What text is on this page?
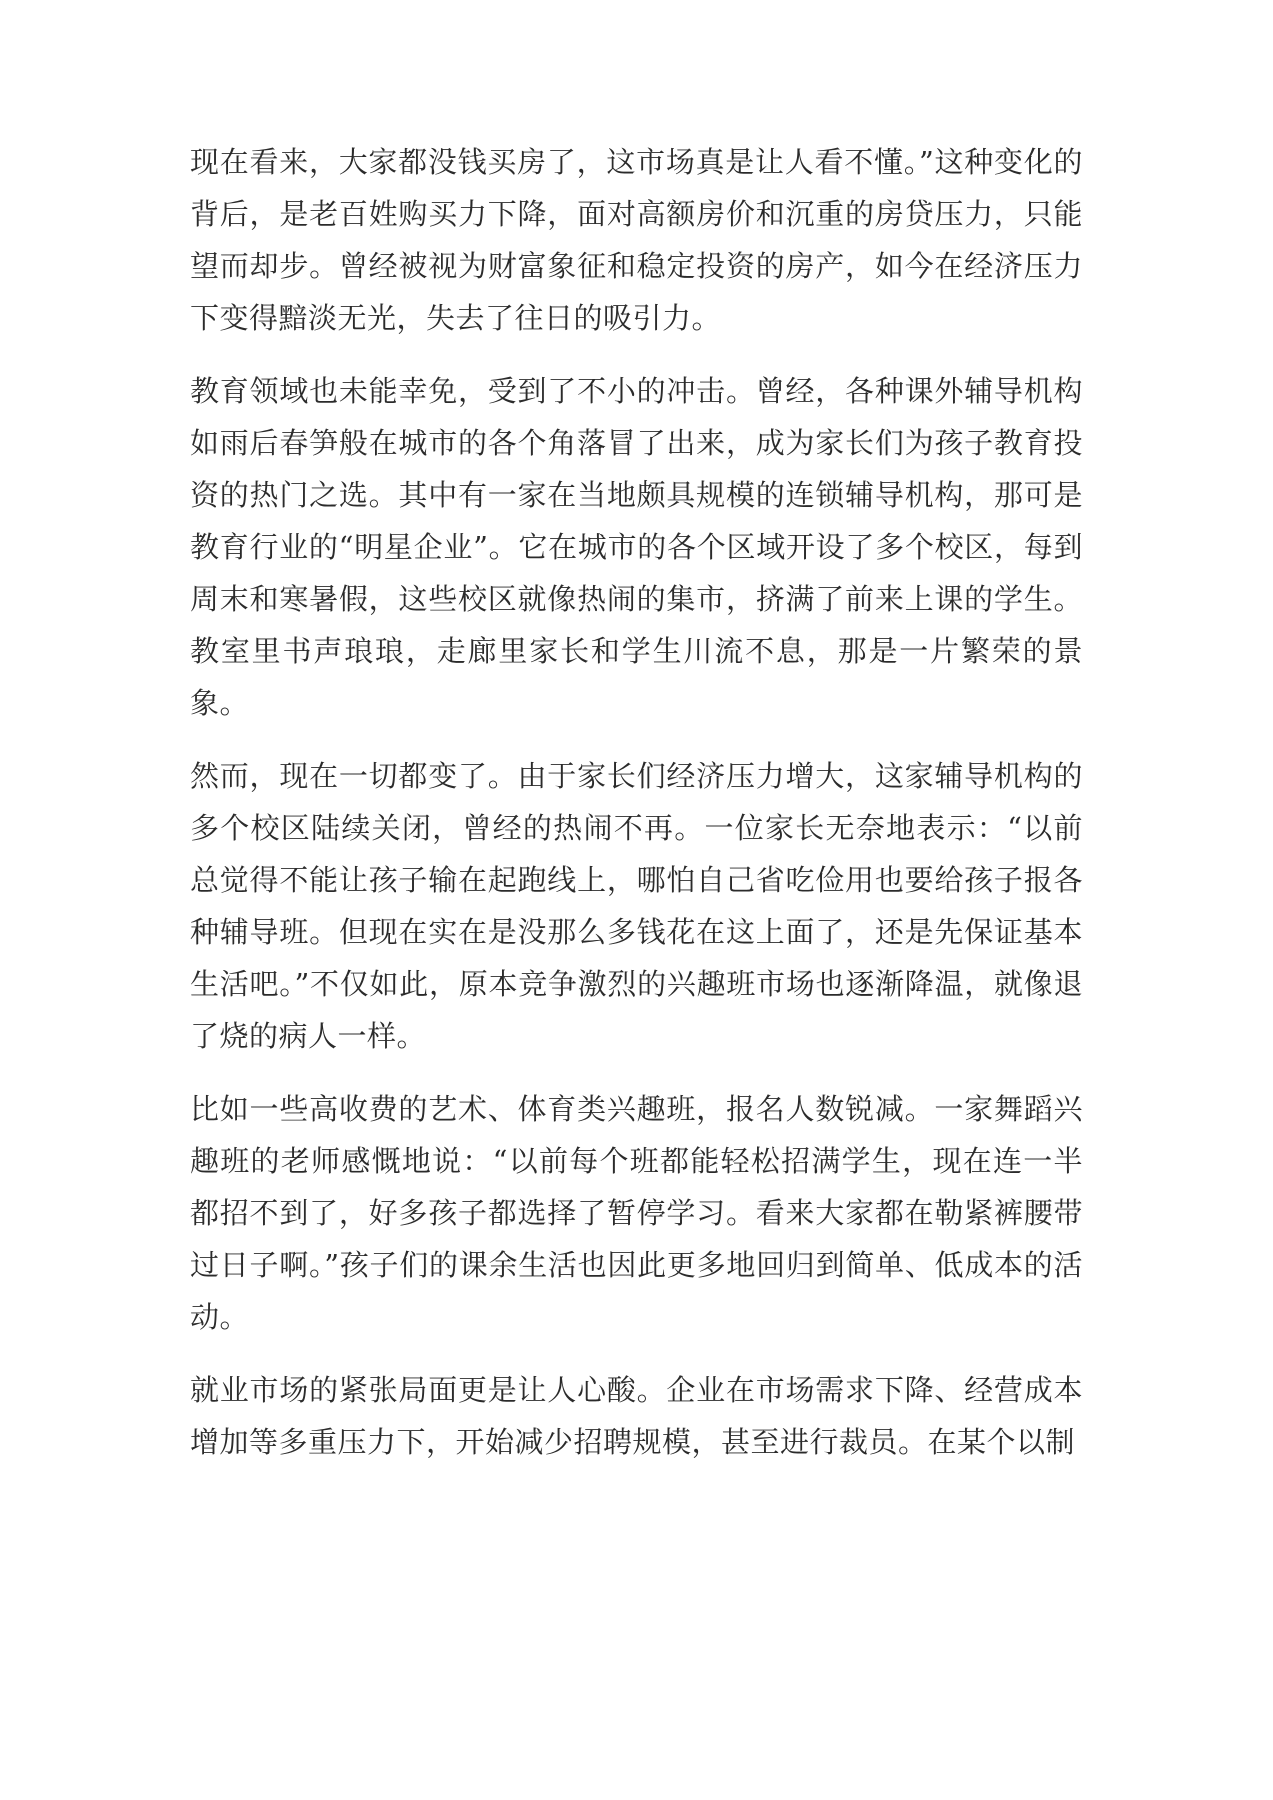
现在看来，大家都没钱买房了，这市场真是让人看不懂。”这种变化的背后，是老百姓购买力下降，面对高额房价和沉重的房贷压力，只能望而却步。曾经被视为财富象征和稳定投资的房产，如今在经济压力下变得黯淡无光，失去了往日的吸引力。

教育领域也未能幸免，受到了不小的冲击。曾经，各种课外辅导机构如雨后春笋般在城市的各个角落冒了出来，成为家长们为孩子教育投资的热门之选。其中有一家在当地颇具规模的连锁辅导机构，那可是教育行业的“明星企业”。它在城市的各个区域开设了多个校区，每到周末和寒暑假，这些校区就像热闹的集市，挤满了前来上课的学生。教室里书声琅琅，走廊里家长和学生川流不息，那是一片繁荣的景象。

然而，现在一切都变了。由于家长们经济压力增大，这家辅导机构的多个校区陆续关闭，曾经的热闹不再。一位家长无奈地表示：“以前总觉得不能让孩子输在起跑线上，哪怕自己省吃俭用也要给孩子报各种辅导班。但现在实在是没那么多钱花在这上面了，还是先保证基本生活吧。”不仅如此，原本竞争激烈的兴趣班市场也逐渐降温，就像退了烧的病人一样。

比如一些高收费的艺术、体育类兴趣班，报名人数锐减。一家舞蹈兴趣班的老师感慨地说：“以前每个班都能轻松招满学生，现在连一半都招不到了，好多孩子都选择了暂停学习。看来大家都在勒紧裤腰带过日子啊。”孩子们的课余生活也因此更多地回归到简单、低成本的活动。

就业市场的紧张局面更是让人心酸。企业在市场需求下降、经营成本增加等多重压力下，开始减少招聘规模，甚至进行裁员。在某个以制
